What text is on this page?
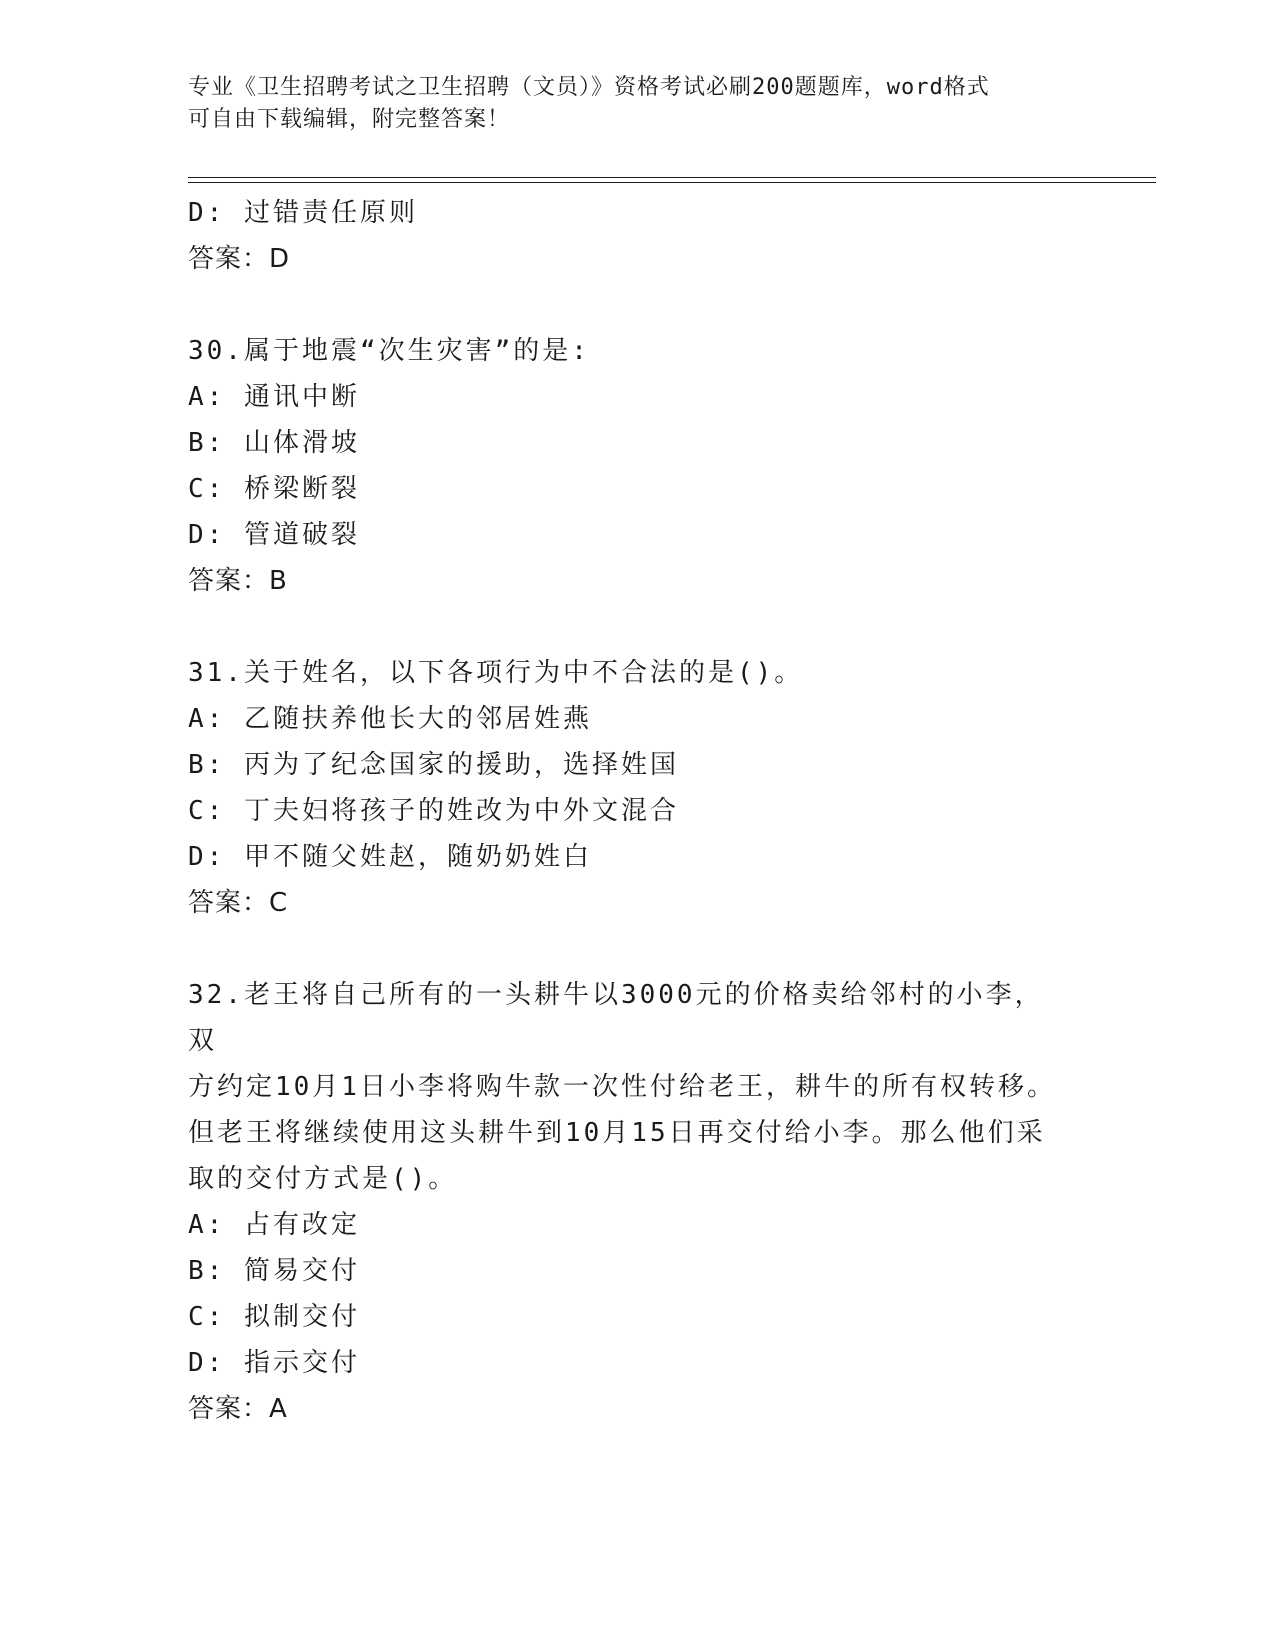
专业《卫生招聘考试之卫生招聘（文员）》资格考试必刷200题题库，word格式
可自由下载编辑，附完整答案！
D: 过错责任原则
答案：D
30.属于地震“次生灾害”的是:
A: 通讯中断
B: 山体滑坡
C: 桥梁断裂
D: 管道破裂
答案：B
31.关于姓名，以下各项行为中不合法的是()。
A: 乙随扶养他长大的邻居姓燕
B: 丙为了纪念国家的援助，选择姓国
C: 丁夫妇将孩子的姓改为中外文混合
D: 甲不随父姓赵，随奶奶姓白
答案：C
32.老王将自己所有的一头耕牛以3000元的价格卖给邻村的小李，双
方约定10月1日小李将购牛款一次性付给老王，耕牛的所有权转移。
但老王将继续使用这头耕牛到10月15日再交付给小李。那么他们采
取的交付方式是()。
A: 占有改定
B: 简易交付
C: 拟制交付
D: 指示交付
答案：A
